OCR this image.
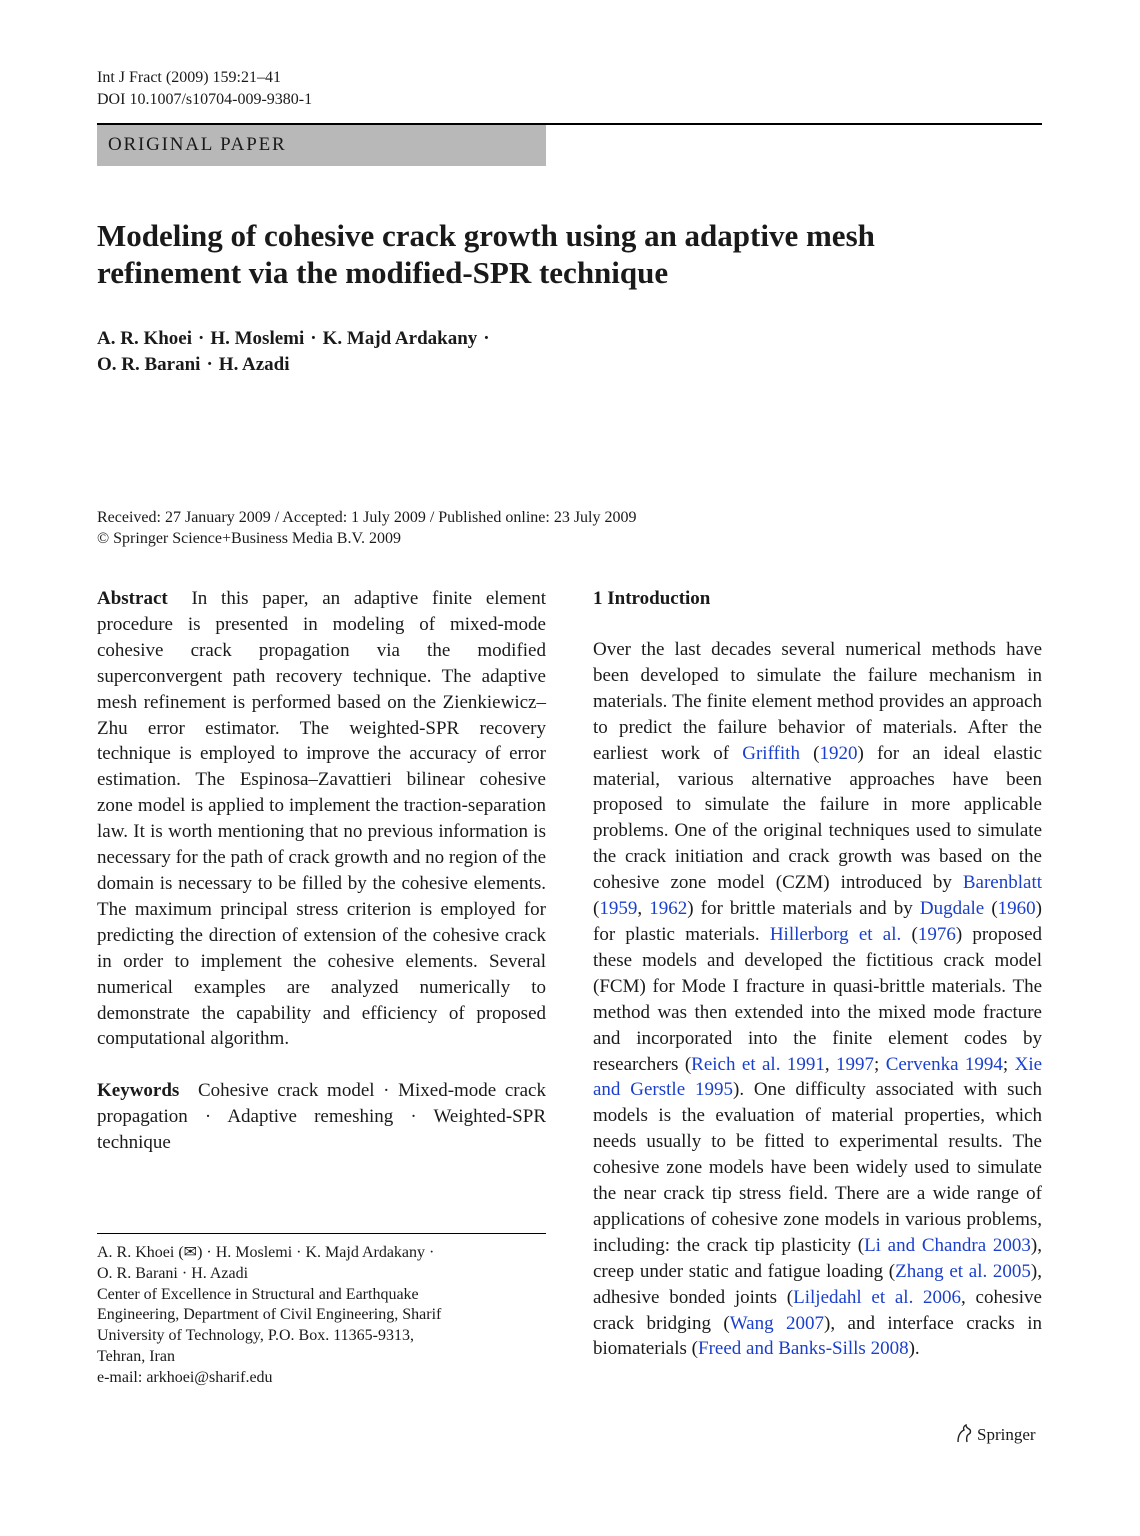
Int J Fract (2009) 159:21–41
DOI 10.1007/s10704-009-9380-1
ORIGINAL PAPER
Modeling of cohesive crack growth using an adaptive mesh
refinement via the modified-SPR technique
A. R. Khoei · H. Moslemi · K. Majd Ardakany ·
O. R. Barani · H. Azadi
Received: 27 January 2009 / Accepted: 1 July 2009 / Published online: 23 July 2009
© Springer Science+Business Media B.V. 2009
Abstract In this paper, an adaptive finite element procedure is presented in modeling of mixed-mode cohesive crack propagation via the modified superconvergent path recovery technique. The adaptive mesh refinement is performed based on the Zienkiewicz–Zhu error estimator. The weighted-SPR recovery technique is employed to improve the accuracy of error estimation. The Espinosa–Zavattieri bilinear cohesive zone model is applied to implement the traction-separation law. It is worth mentioning that no previous information is necessary for the path of crack growth and no region of the domain is necessary to be filled by the cohesive elements. The maximum principal stress criterion is employed for predicting the direction of extension of the cohesive crack in order to implement the cohesive elements. Several numerical examples are analyzed numerically to demonstrate the capability and efficiency of proposed computational algorithm.
Keywords Cohesive crack model · Mixed-mode crack propagation · Adaptive remeshing · Weighted-SPR technique
A. R. Khoei (✉) · H. Moslemi · K. Majd Ardakany ·
O. R. Barani · H. Azadi
Center of Excellence in Structural and Earthquake
Engineering, Department of Civil Engineering, Sharif
University of Technology, P.O. Box. 11365-9313,
Tehran, Iran
e-mail: arkhoei@sharif.edu
1 Introduction
Over the last decades several numerical methods have been developed to simulate the failure mechanism in materials. The finite element method provides an approach to predict the failure behavior of materials. After the earliest work of Griffith (1920) for an ideal elastic material, various alternative approaches have been proposed to simulate the failure in more applicable problems. One of the original techniques used to simulate the crack initiation and crack growth was based on the cohesive zone model (CZM) introduced by Barenblatt (1959, 1962) for brittle materials and by Dugdale (1960) for plastic materials. Hillerborg et al. (1976) proposed these models and developed the fictitious crack model (FCM) for Mode I fracture in quasi-brittle materials. The method was then extended into the mixed mode fracture and incorporated into the finite element codes by researchers (Reich et al. 1991, 1997; Cervenka 1994; Xie and Gerstle 1995). One difficulty associated with such models is the evaluation of material properties, which needs usually to be fitted to experimental results. The cohesive zone models have been widely used to simulate the near crack tip stress field. There are a wide range of applications of cohesive zone models in various problems, including: the crack tip plasticity (Li and Chandra 2003), creep under static and fatigue loading (Zhang et al. 2005), adhesive bonded joints (Liljedahl et al. 2006, cohesive crack bridging (Wang 2007), and interface cracks in biomaterials (Freed and Banks-Sills 2008).
Springer
